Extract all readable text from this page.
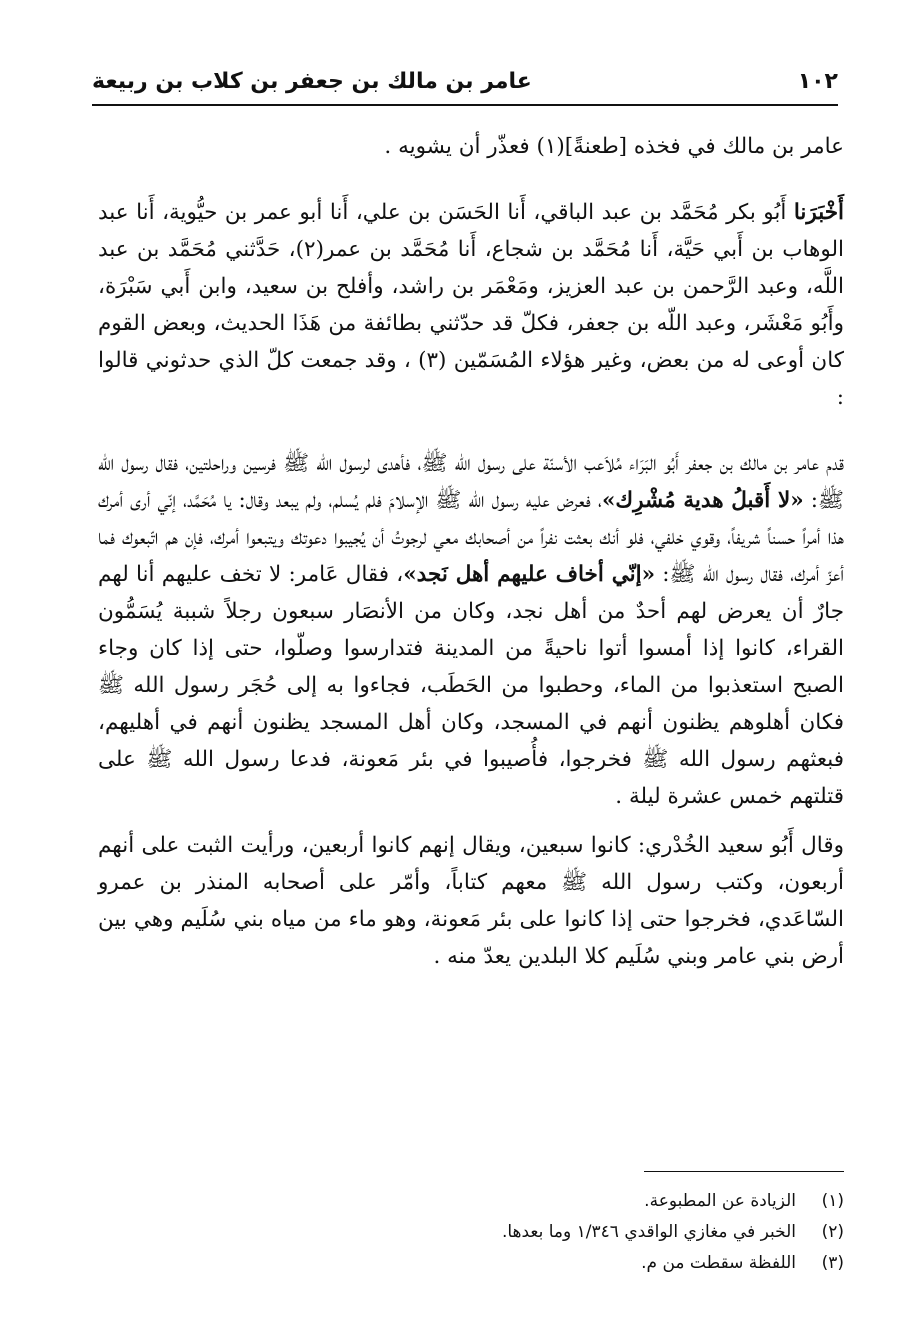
١٠٢
عامر بن مالك بن جعفر بن كلاب بن ربيعة

عامر بن مالك في فخذه [طعنةً](١) فعذّر أن يشويه .

أَخْبَرَنا أَبُو بكر مُحَمَّد بن عبد الباقي، أَنا الحَسَن بن علي، أَنا أبو عمر بن حيُّوية، أَنا عبد الوهاب بن أَبي حَيَّة، أَنا مُحَمَّد بن شجاع، أَنا مُحَمَّد بن عمر(٢)، حَدَّثني مُحَمَّد بن عبد اللَّه، وعبد الرَّحمن بن عبد العزيز، ومَعْمَر بن راشد، وأفلح بن سعيد، وابن أَبي سَبْرَة، وأَبُو مَعْشَر، وعبد اللّه بن جعفر، فكلّ قد حدّثني بطائفة من هَذَا الحديث، وبعض القوم كان أوعى له من بعض، وغير هؤلاء المُسَمّين (٣) ، وقد جمعت كلّ الذي حدثوني قالوا :

قدم عامر بن مالك بن جعفر أَبُو البَرَاء مُلاَعب الأسنّة على رسول الله ﷺ، فأهدى لرسول الله ﷺ فرسين وراحلتين، فقال رسول الله ﷺ: «لا أَقبلُ هدية مُشْرِك»، فعرض عليه رسول الله ﷺ الإسلامَ فلم يُسلم، ولم يبعد وقال: يا مُحَمَّد، إنّي أرى أمرك هذا أمراً حسناً شريفاً، وقوي خلفي، فلو أنك بعثت نفراً من أصحابك معي لرجوتُ أن يُجيبوا دعوتك ويتبعوا أمرك، فإن هم اتّبعوك فما أعزّ أمرك، فقال رسول الله ﷺ: «إنّي أخاف عليهم أهل نَجد»، فقال عَامر: لا تخف عليهم أنا لهم جارٌ أن يعرض لهم أحدٌ من أهل نجد، وكان من الأنصَار سبعون رجلاً شببة يُسَمُّون القراء، كانوا إذا أمسوا أتوا ناحيةً من المدينة فتدارسوا وصلّوا، حتى إذا كان وجاء الصبح استعذبوا من الماء، وحطبوا من الحَطَب، فجاءوا به إلى حُجَر رسول الله ﷺ فكان أهلوهم يظنون أنهم في المسجد، وكان أهل المسجد يظنون أنهم في أهليهم، فبعثهم رسول الله ﷺ فخرجوا، فأُصيبوا في بئر مَعونة، فدعا رسول الله ﷺ على قتلتهم خمس عشرة ليلة .

وقال أَبُو سعيد الخُدْري: كانوا سبعين، ويقال إنهم كانوا أربعين، ورأيت الثبت على أنهم أربعون، وكتب رسول الله ﷺ معهم كتاباً، وأمّر على أصحابه المنذر بن عمرو السّاعَدي، فخرجوا حتى إذا كانوا على بئر مَعونة، وهو ماء من مياه بني سُلَيم وهي بين أرض بني عامر وبني سُلَيم كلا البلدين يعدّ منه .

(١)
الزيادة عن المطبوعة.
(٢)
الخبر في مغازي الواقدي ١/٣٤٦ وما بعدها.
(٣)
اللفظة سقطت من م.
